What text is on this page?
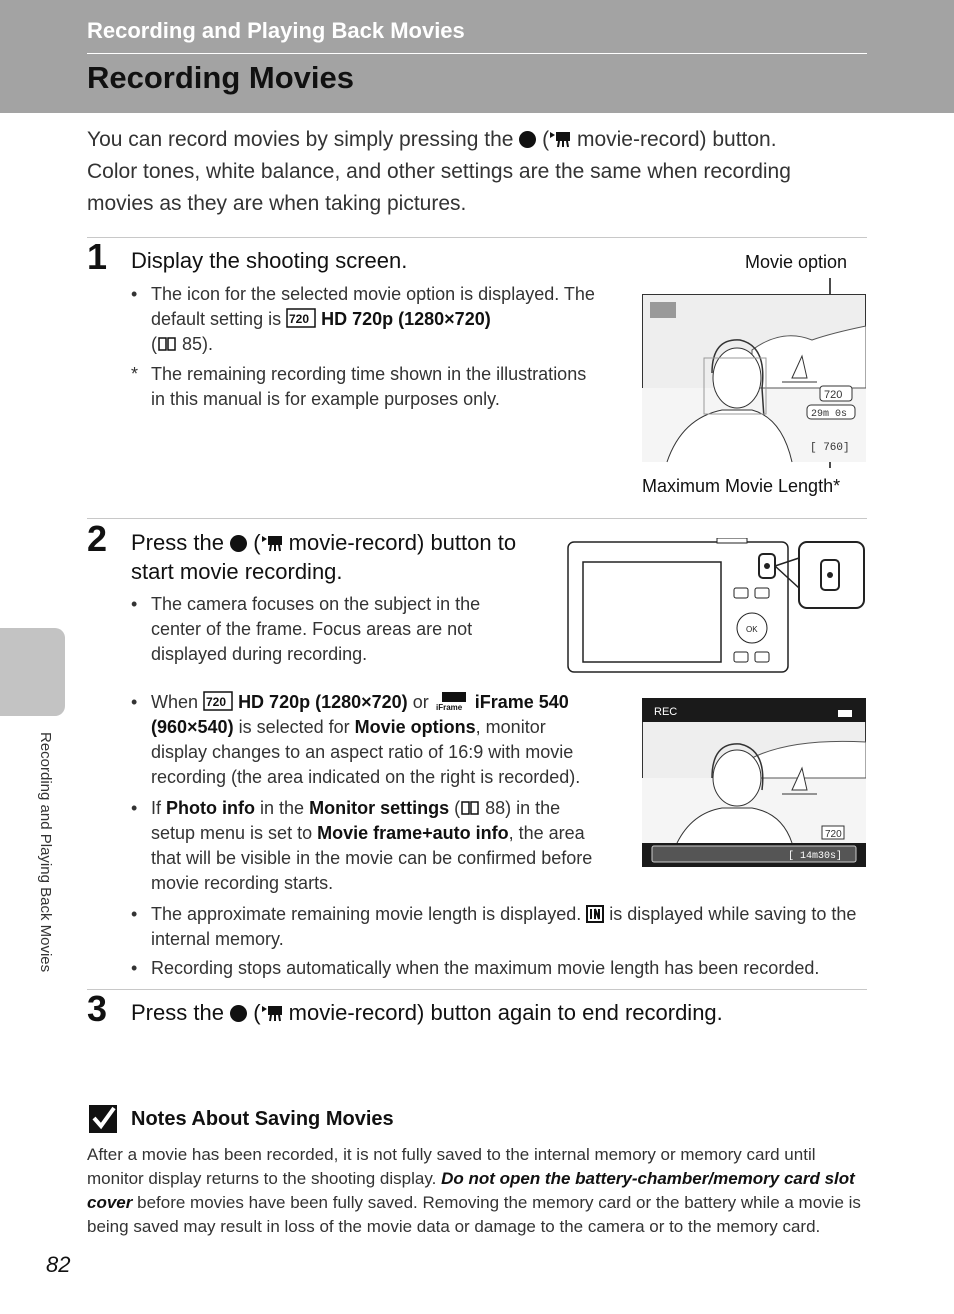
Recording and Playing Back Movies
Recording Movies
You can record movies by simply pressing the ( movie-record) button.
Color tones, white balance, and other settings are the same when recording movies as they are when taking pictures.
1 Display the shooting screen.
• The icon for the selected movie option is displayed. The default setting is 720 HD 720p (1280×720)
( 85).
* The remaining recording time shown in the illustrations in this manual is for example purposes only.
Movie option
Maximum Movie Length*
720
29m 0s
[ 760]
2 Press the ( movie-record) button to start movie recording.
• The camera focuses on the subject in the center of the frame. Focus areas are not displayed during recording.
OK
• When 720 HD 720p (1280×720) or iFrame iFrame 540 (960×540) is selected for Movie options, monitor display changes to an aspect ratio of 16:9 with movie recording (the area indicated on the right is recorded).
• If Photo info in the Monitor settings ( 88) in the setup menu is set to Movie frame+auto info, the area that will be visible in the movie can be confirmed before movie recording starts.
REC
720
[ 14m30s]
• The approximate remaining movie length is displayed. is displayed while saving to the internal memory.
• Recording stops automatically when the maximum movie length has been recorded.
3 Press the ( movie-record) button again to end recording.
Notes About Saving Movies
After a movie has been recorded, it is not fully saved to the internal memory or memory card until monitor display returns to the shooting display. Do not open the battery-chamber/memory card slot cover before movies have been fully saved. Removing the memory card or the battery while a movie is being saved may result in loss of the movie data or damage to the camera or to the memory card.
Recording and Playing Back Movies
82
